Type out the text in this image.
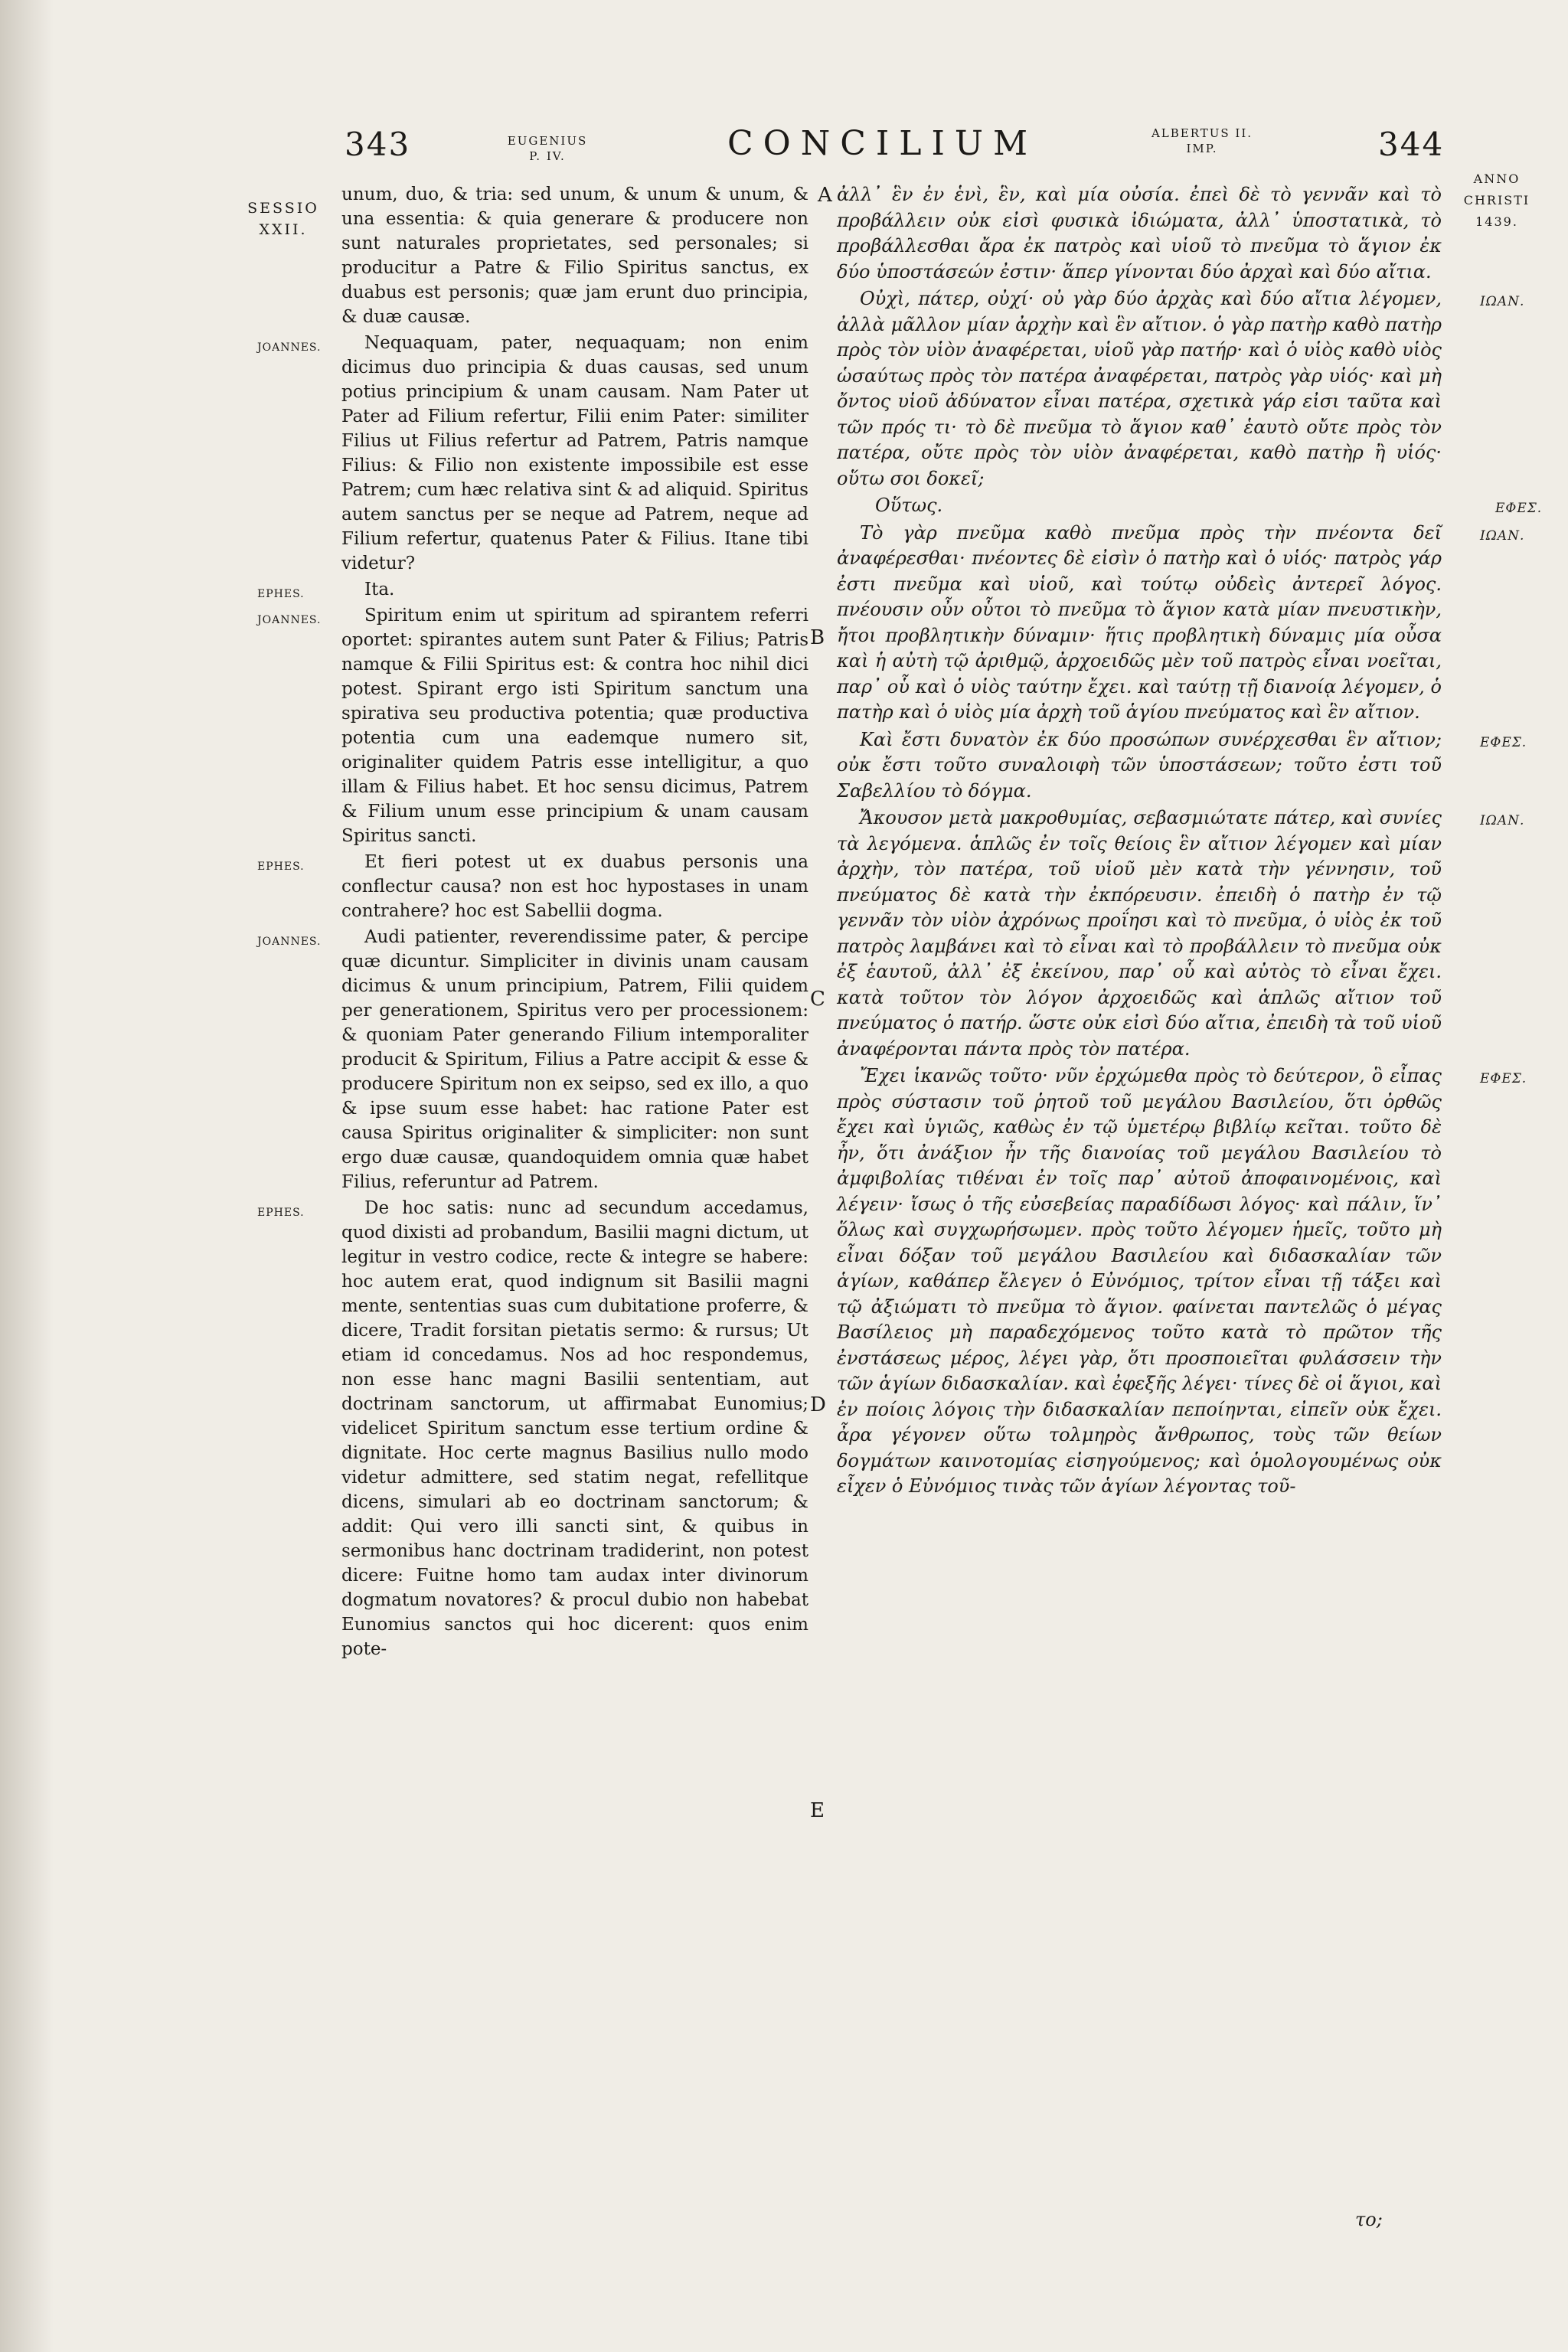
343	EUGENIUS
P. IV.	CONCILIUM	ALBERTUS II.
IMP.	344
SESSIO
XXII.
ANNO
CHRISTI
1439.
A
B
C
D
E

unum, duo, & tria: sed unum, & unum & unum, & una essentia: & quia generare & producere non sunt naturales proprietates, sed personales; si producitur a Patre & Filio Spiritus sanctus, ex duabus est personis; quæ jam erunt duo principia, & duæ causæ.

JOANNES. Nequaquam, pater, nequaquam; non enim dicimus duo principia & duas causas, sed unum potius principium & unam causam. Nam Pater ut Pater ad Filium refertur, Filii enim Pater: similiter Filius ut Filius refertur ad Patrem, Patris namque Filius: & Filio non existente impossibile est esse Patrem; cum hæc relativa sint & ad aliquid. Spiritus autem sanctus per se neque ad Patrem, neque ad Filium refertur, quatenus Pater & Filius. Itane tibi videtur?

EPHES.	Ita.

JOANNES. Spiritum enim ut spiritum ad spirantem referri oportet: spirantes autem sunt Pater & Filius; Patris namque & Filii Spiritus est: & contra hoc nihil dici potest. Spirant ergo isti Spiritum sanctum una spirativa seu productiva potentia; quæ productiva potentia cum una eademque numero sit, originaliter quidem Patris esse intelligitur, a quo illam & Filius habet. Et hoc sensu dicimus, Patrem & Filium unum esse principium & unam causam Spiritus sancti.

EPHES.	Et fieri potest ut ex duabus personis una conflectur causa? non est hoc hypostases in unam contrahere? hoc est Sabellii dogma.

JOANNES. Audi patienter, reverendissime pater, & percipe quæ dicuntur. Simpliciter in divinis unam causam dicimus & unum principium, Patrem, Filii quidem per generationem, Spiritus vero per processionem: & quoniam Pater generando Filium intemporaliter producit & Spiritum, Filius a Patre accipit & esse & producere Spiritum non ex seipso, sed ex illo, a quo & ipse suum esse habet: hac ratione Pater est causa Spiritus originaliter & simpliciter: non sunt ergo duæ causæ, quandoquidem omnia quæ habet Filius, referuntur ad Patrem.

EPHES.	De hoc satis: nunc ad secundum accedamus, quod dixisti ad probandum, Basilii magni dictum, ut legitur in vestro codice, recte & integre se habere: hoc autem erat, quod indignum sit Basilii magni mente, sententias suas cum dubitatione proferre, & dicere, Tradit forsitan pietatis sermo: & rursus; Ut etiam id concedamus. Nos ad hoc respondemus, non esse hanc magni Basilii sententiam, aut doctrinam sanctorum, ut affirmabat Eunomius; videlicet Spiritum sanctum esse tertium ordine & dignitate. Hoc certe magnus Basilius nullo modo videtur admittere, sed statim negat, refellitque dicens, simulari ab eo doctrinam sanctorum; & addit: Qui vero illi sancti sint, & quibus in sermonibus hanc doctrinam tradiderint, non potest dicere: Fuitne homo tam audax inter divinorum dogmatum novatores? & procul dubio non habebat Eunomius sanctos qui hoc dicerent: quos enim pote-

ἀλλ᾽ ἓν ἐν ἑνὶ, ἓν, καὶ μία οὐσία. ἐπεὶ δὲ τὸ γεννᾶν καὶ τὸ προβάλλειν οὐκ εἰσὶ φυσικὰ ἰδιώματα, ἀλλ᾽ ὑποστατικὰ, τὸ προβάλλεσθαι ἄρα ἐκ πατρὸς καὶ υἱοῦ τὸ πνεῦμα τὸ ἅγιον ἐκ δύο ὑποστάσεών ἐστιν· ἅπερ γίνονται δύο ἀρχαὶ καὶ δύο αἴτια.

ΙΩΑΝ.
Οὐχὶ, πάτερ, οὐχί· οὐ γὰρ δύο ἀρχὰς καὶ δύο αἴτια λέγομεν, ἀλλὰ μᾶλλον μίαν ἀρχὴν καὶ ἓν αἴτιον. ὁ γὰρ πατὴρ καθὸ πατὴρ πρὸς τὸν υἱὸν ἀναφέρεται, υἱοῦ γὰρ πατήρ· καὶ ὁ υἱὸς καθὸ υἱὸς ὡσαύτως πρὸς τὸν πατέρα ἀναφέρεται, πατρὸς γὰρ υἱός· καὶ μὴ ὄντος υἱοῦ ἀδύνατον εἶναι πατέρα, σχετικὰ γάρ εἰσι ταῦτα καὶ τῶν πρός τι· τὸ δὲ πνεῦμα τὸ ἅγιον καθ᾽ ἑαυτὸ οὔτε πρὸς τὸν πατέρα, οὔτε πρὸς τὸν υἱὸν ἀναφέρεται, καθὸ πατὴρ ἢ υἱός· οὕτω σοι δοκεῖ;

ΕΦΕΣ.
Οὕτως.

ΙΩΑΝ.
Τὸ γὰρ πνεῦμα καθὸ πνεῦμα πρὸς τὴν πνέοντα δεῖ ἀναφέρεσθαι· πνέοντες δὲ εἰσὶν ὁ πατὴρ καὶ ὁ υἱός· πατρὸς γάρ ἐστι πνεῦμα καὶ υἱοῦ, καὶ τούτῳ οὐδεὶς ἀντερεῖ λόγος. πνέουσιν οὖν οὗτοι τὸ πνεῦμα τὸ ἅγιον κατὰ μίαν πνευστικὴν, ἤτοι προβλητικὴν δύναμιν· ἥτις προβλητικὴ δύναμις μία οὖσα καὶ ἡ αὐτὴ τῷ ἀριθμῷ, ἀρχοειδῶς μὲν τοῦ πατρὸς εἶναι νοεῖται, παρ᾽ οὗ καὶ ὁ υἱὸς ταύτην ἔχει. καὶ ταύτῃ τῇ διανοίᾳ λέγομεν, ὁ πατὴρ καὶ ὁ υἱὸς μία ἀρχὴ τοῦ ἁγίου πνεύματος καὶ ἓν αἴτιον.

ΕΦΕΣ.
Καὶ ἔστι δυνατὸν ἐκ δύο προσώπων συνέρχεσθαι ἓν αἴτιον; οὐκ ἔστι τοῦτο συναλοιφὴ τῶν ὑποστάσεων; τοῦτο ἐστι τοῦ Σαβελλίου τὸ δόγμα.

ΙΩΑΝ.
Ἄκουσον μετὰ μακροθυμίας, σεβασμιώτατε πάτερ, καὶ συνίες τὰ λεγόμενα. ἁπλῶς ἐν τοῖς θείοις ἓν αἴτιον λέγομεν καὶ μίαν ἀρχὴν, τὸν πατέρα, τοῦ υἱοῦ μὲν κατὰ τὴν γέννησιν, τοῦ πνεύματος δὲ κατὰ τὴν ἐκπόρευσιν. ἐπειδὴ ὁ πατὴρ ἐν τῷ γεννᾶν τὸν υἱὸν ἀχρόνως προΐησι καὶ τὸ πνεῦμα, ὁ υἱὸς ἐκ τοῦ πατρὸς λαμβάνει καὶ τὸ εἶναι καὶ τὸ προβάλλειν τὸ πνεῦμα οὐκ ἐξ ἑαυτοῦ, ἀλλ᾽ ἐξ ἐκείνου, παρ᾽ οὗ καὶ αὐτὸς τὸ εἶναι ἔχει. κατὰ τοῦτον τὸν λόγον ἀρχοειδῶς καὶ ἁπλῶς αἴτιον τοῦ πνεύματος ὁ πατήρ. ὥστε οὐκ εἰσὶ δύο αἴτια, ἐπειδὴ τὰ τοῦ υἱοῦ ἀναφέρονται πάντα πρὸς τὸν πατέρα.

ΕΦΕΣ.
Ἔχει ἱκανῶς τοῦτο· νῦν ἐρχώμεθα πρὸς τὸ δεύτερον, ὃ εἶπας πρὸς σύστασιν τοῦ ῥητοῦ τοῦ μεγάλου Βασιλείου, ὅτι ὀρθῶς ἔχει καὶ ὑγιῶς, καθὼς ἐν τῷ ὑμετέρῳ βιβλίῳ κεῖται. τοῦτο δὲ ἦν, ὅτι ἀνάξιον ἦν τῆς διανοίας τοῦ μεγάλου Βασιλείου τὸ ἀμφιβολίας τιθέναι ἐν τοῖς παρ᾽ αὐτοῦ ἀποφαινομένοις, καὶ λέγειν· ἴσως ὁ τῆς εὐσεβείας παραδίδωσι λόγος· καὶ πάλιν, ἵν᾽ ὅλως καὶ συγχωρήσωμεν. πρὸς τοῦτο λέγομεν ἡμεῖς, τοῦτο μὴ εἶναι δόξαν τοῦ μεγάλου Βασιλείου καὶ διδασκαλίαν τῶν ἁγίων, καθάπερ ἔλεγεν ὁ Εὐνόμιος, τρίτον εἶναι τῇ τάξει καὶ τῷ ἀξιώματι τὸ πνεῦμα τὸ ἅγιον. φαίνεται παντελῶς ὁ μέγας Βασίλειος μὴ παραδεχόμενος τοῦτο κατὰ τὸ πρῶτον τῆς ἐνστάσεως μέρος, λέγει γὰρ, ὅτι προσποιεῖται φυλάσσειν τὴν τῶν ἁγίων διδασκαλίαν. καὶ ἐφεξῆς λέγει· τίνες δὲ οἱ ἅγιοι, καὶ ἐν ποίοις λόγοις τὴν διδασκαλίαν πεποίηνται, εἰπεῖν οὐκ ἔχει. ἆρα γέγονεν οὕτω τολμηρὸς ἄνθρωπος, τοὺς τῶν θείων δογμάτων καινοτομίας εἰσηγούμενος; καὶ ὁμολογουμένως οὐκ εἶχεν ὁ Εὐνόμιος τινὰς τῶν ἁγίων λέγοντας τοῦ-

το;
